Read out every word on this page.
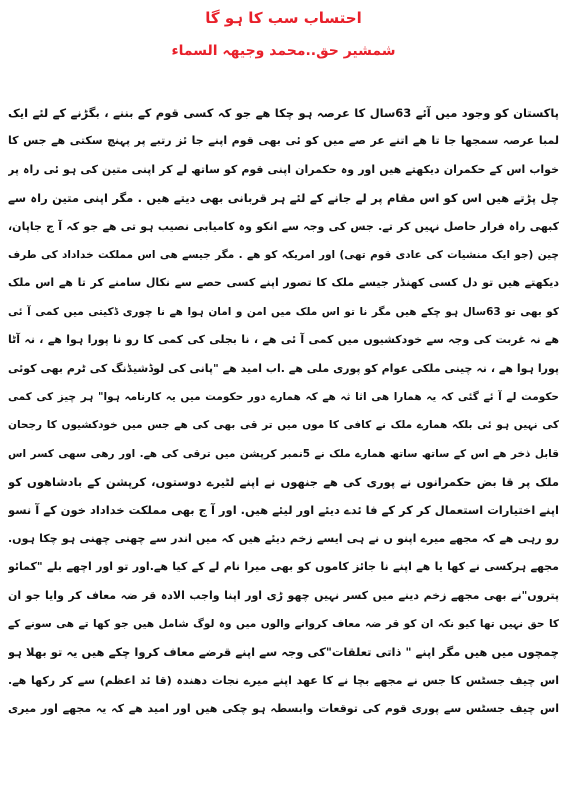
احتساب سب کا ہو گا
شمشیر حق..محمد وجیھہ السماء
پاکستان کو وجود میں آئے 63سال کا عرصہ ہو چکا ھے جو کہ کسی قوم کے بننے ، بگڑنے کے لئے ایک
لمبا عرصہ سمجھا جا تا ھے اتنے عر صے میں کو ئی بھی قوم اپنے جا ئز رتبے پر پہنچ سکتی ھے جس کا
خواب اس کے حکمران دیکھتے ھیں اور وہ حکمران اپنی قوم کو ساتھ لے کر اپنی متین کی ہو ئی راہ پر
چل پڑتے ھیں اس کو اس مقام پر لے جانے کے لئے ہر قربانی بھی دیتے ھیں . مگر اپنی متین راہ سے
کبھی راہ فرار حاصل نہیں کر تے. جس کی وجہ سے انکو وہ کامیابی نصیب ہو تی ھے جو کہ آ ج جاپان،
چین (جو ایک منشیات کی عادی قوم تھی) اور امریکہ کو ھے . مگر جیسے ھی اس مملکت خداداد کی طرف
دیکھتے ھیں تو دل کسی کھنڈر جیسے ملک کا تصور اپنے کسی حصے سے نکال سامنے کر تا ھے اس ملک
کو بھی تو 63سال ہو چکے ھیں مگر نا تو اس ملک میں امن و امان ہوا ھے نا چوری ڈکیتی میں کمی آ ئی
ھے نہ غربت کی وجہ سے خودکشیوں میں کمی آ ئی ھے ، نا بجلی کی کمی کا رو نا پورا ہوا ھے ، نہ آٹا
پورا ہوا ھے ، نہ چینی ملکی عوام کو پوری ملی ھے .اب امید ھے "پانی کی لوڈشیڈنگ کی ٹرم بھی کوئی
حکومت لے آ ئے گئی کہ یہ ھمارا ھی اثا ثہ ھے کہ ھمارے دور حکومت میں یہ کارنامہ ہوا" ہر چیز کی کمی
کی نہیں ہو ئی بلکہ ھمارے ملک نے کافی کا موں میں تر قی بھی کی ھے جس میں خودکشیوں کا رجحان
قابل ذخر ھے اس کے ساتھ ساتھ ھمارے ملک نے 5نمبر کرپشن میں ترقی کی ھے. اور رھی سھی کسر اس
ملک پر قا بض حکمرانوں نے پوری کی ھے جنھوں نے اپنے لٹیرے دوستوں، کرپشن کے بادشاھوں کو
اپنے اختیارات استعمال کر کر کے فا ئدے دیئے اور لیئے ھیں. اور آ ج بھی مملکت خداداد خون کے آ نسو
رو رہی ھے کہ مجھے میرے اپنو ں نے ہی ایسے زخم دیئے ھیں کہ میں اندر سے چھنی چھنی ہو چکا ہوں.
مجھے ہرکسی نے کھا یا ھے اپنے نا جائز کاموں کو بھی میرا نام لے کے کیا ھے.اور تو اور اچھے بلے "کمائو
پتروں"نے بھی مجھے زخم دینے میں کسر نہیں چھو ڑی اور اپنا واجب الادہ قر ضہ معاف کر وایا جو ان
کا حق نہیں تھا کیو نکہ ان کو قر ضہ معاف کروانے والوں میں وہ لوگ شامل ھیں جو کھا تے ھی سونے کے
چمچوں میں ھیں مگر اپنے " ذاتی تعلقات"کی وجہ سے اپنے قرضے معاف کروا چکے ھیں یہ تو بھلا ہو
اس چیف جسٹس کا جس نے مجھے بچا نے کا عھد اپنے میرے نجات دھندہ (قا ئد اعظم) سے کر رکھا ھے.
اس چیف جسٹس سے پوری قوم کی توقعات وابسطہ ہو چکی ھیں اور امید ھے کہ یہ مجھے اور میری
